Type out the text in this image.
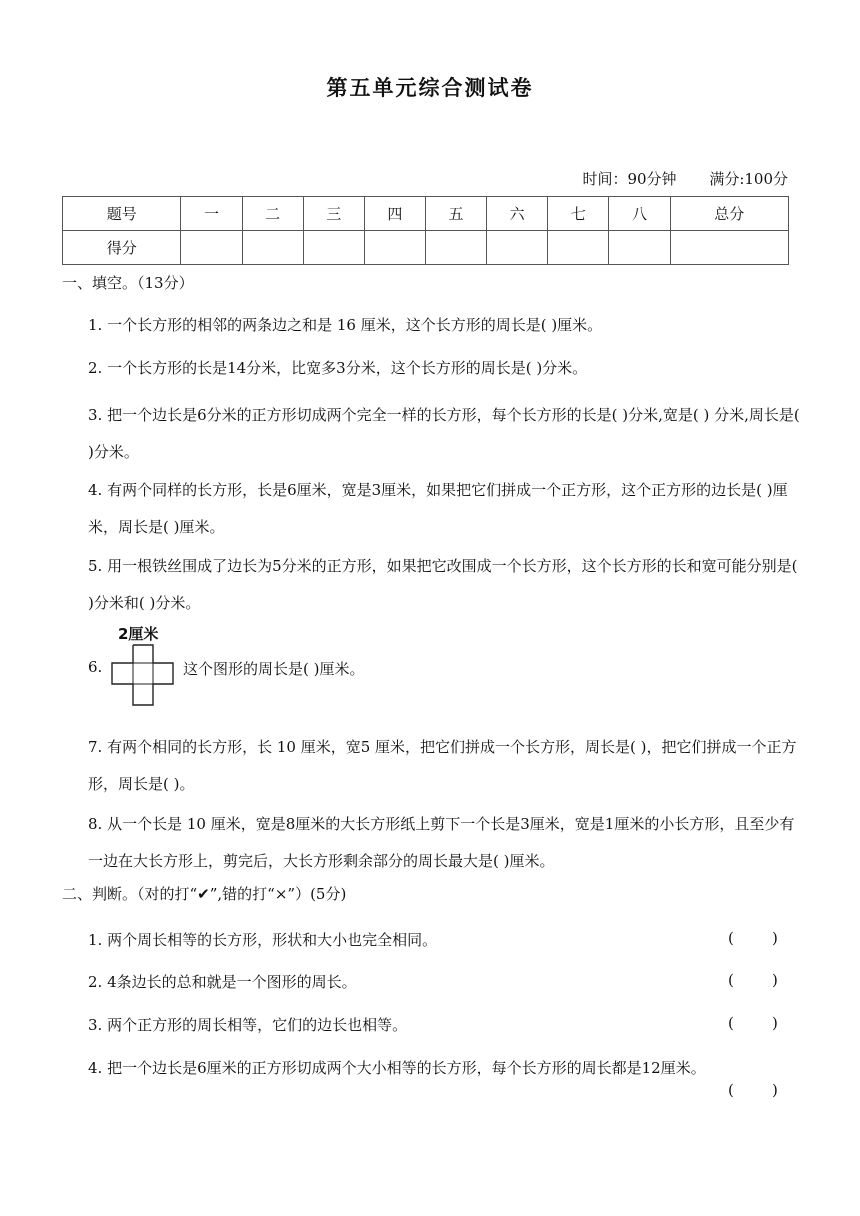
第五单元综合测试卷
时间：90分钟 满分:100分
题号	一	二	三	四	五	六	七	八	总分
得分									
一、填空。（13分）
1. 一个长方形的相邻的两条边之和是 16 厘米，这个长方形的周长是( )厘米。
2. 一个长方形的长是14分米，比宽多3分米，这个长方形的周长是( )分米。
3. 把一个边长是6分米的正方形切成两个完全一样的长方形，每个长方形的长是( )分米,宽是( ) 分米,周长是( )分米。
4. 有两个同样的长方形，长是6厘米，宽是3厘米，如果把它们拼成一个正方形，这个正方形的边长是( )厘米，周长是( )厘米。
5. 用一根铁丝围成了边长为5分米的正方形，如果把它改围成一个长方形，这个长方形的长和宽可能分别是( )分米和( )分米。
6.
2厘米
这个图形的周长是( )厘米。
7. 有两个相同的长方形，长 10 厘米，宽5 厘米，把它们拼成一个长方形，周长是( )，把它们拼成一个正方形，周长是( )。
8. 从一个长是 10 厘米，宽是8厘米的大长方形纸上剪下一个长是3厘米，宽是1厘米的小长方形，且至少有一边在大长方形上，剪完后，大长方形剩余部分的周长最大是( )厘米。
二、判断。（对的打“✔”,错的打“×”）(5分)
1. 两个周长相等的长方形，形状和大小也完全相同。	(        )
2. 4条边长的总和就是一个图形的周长。	(        )
3. 两个正方形的周长相等，它们的边长也相等。	(        )
4. 把一个边长是6厘米的正方形切成两个大小相等的长方形，每个长方形的周长都是12厘米。
(        )
